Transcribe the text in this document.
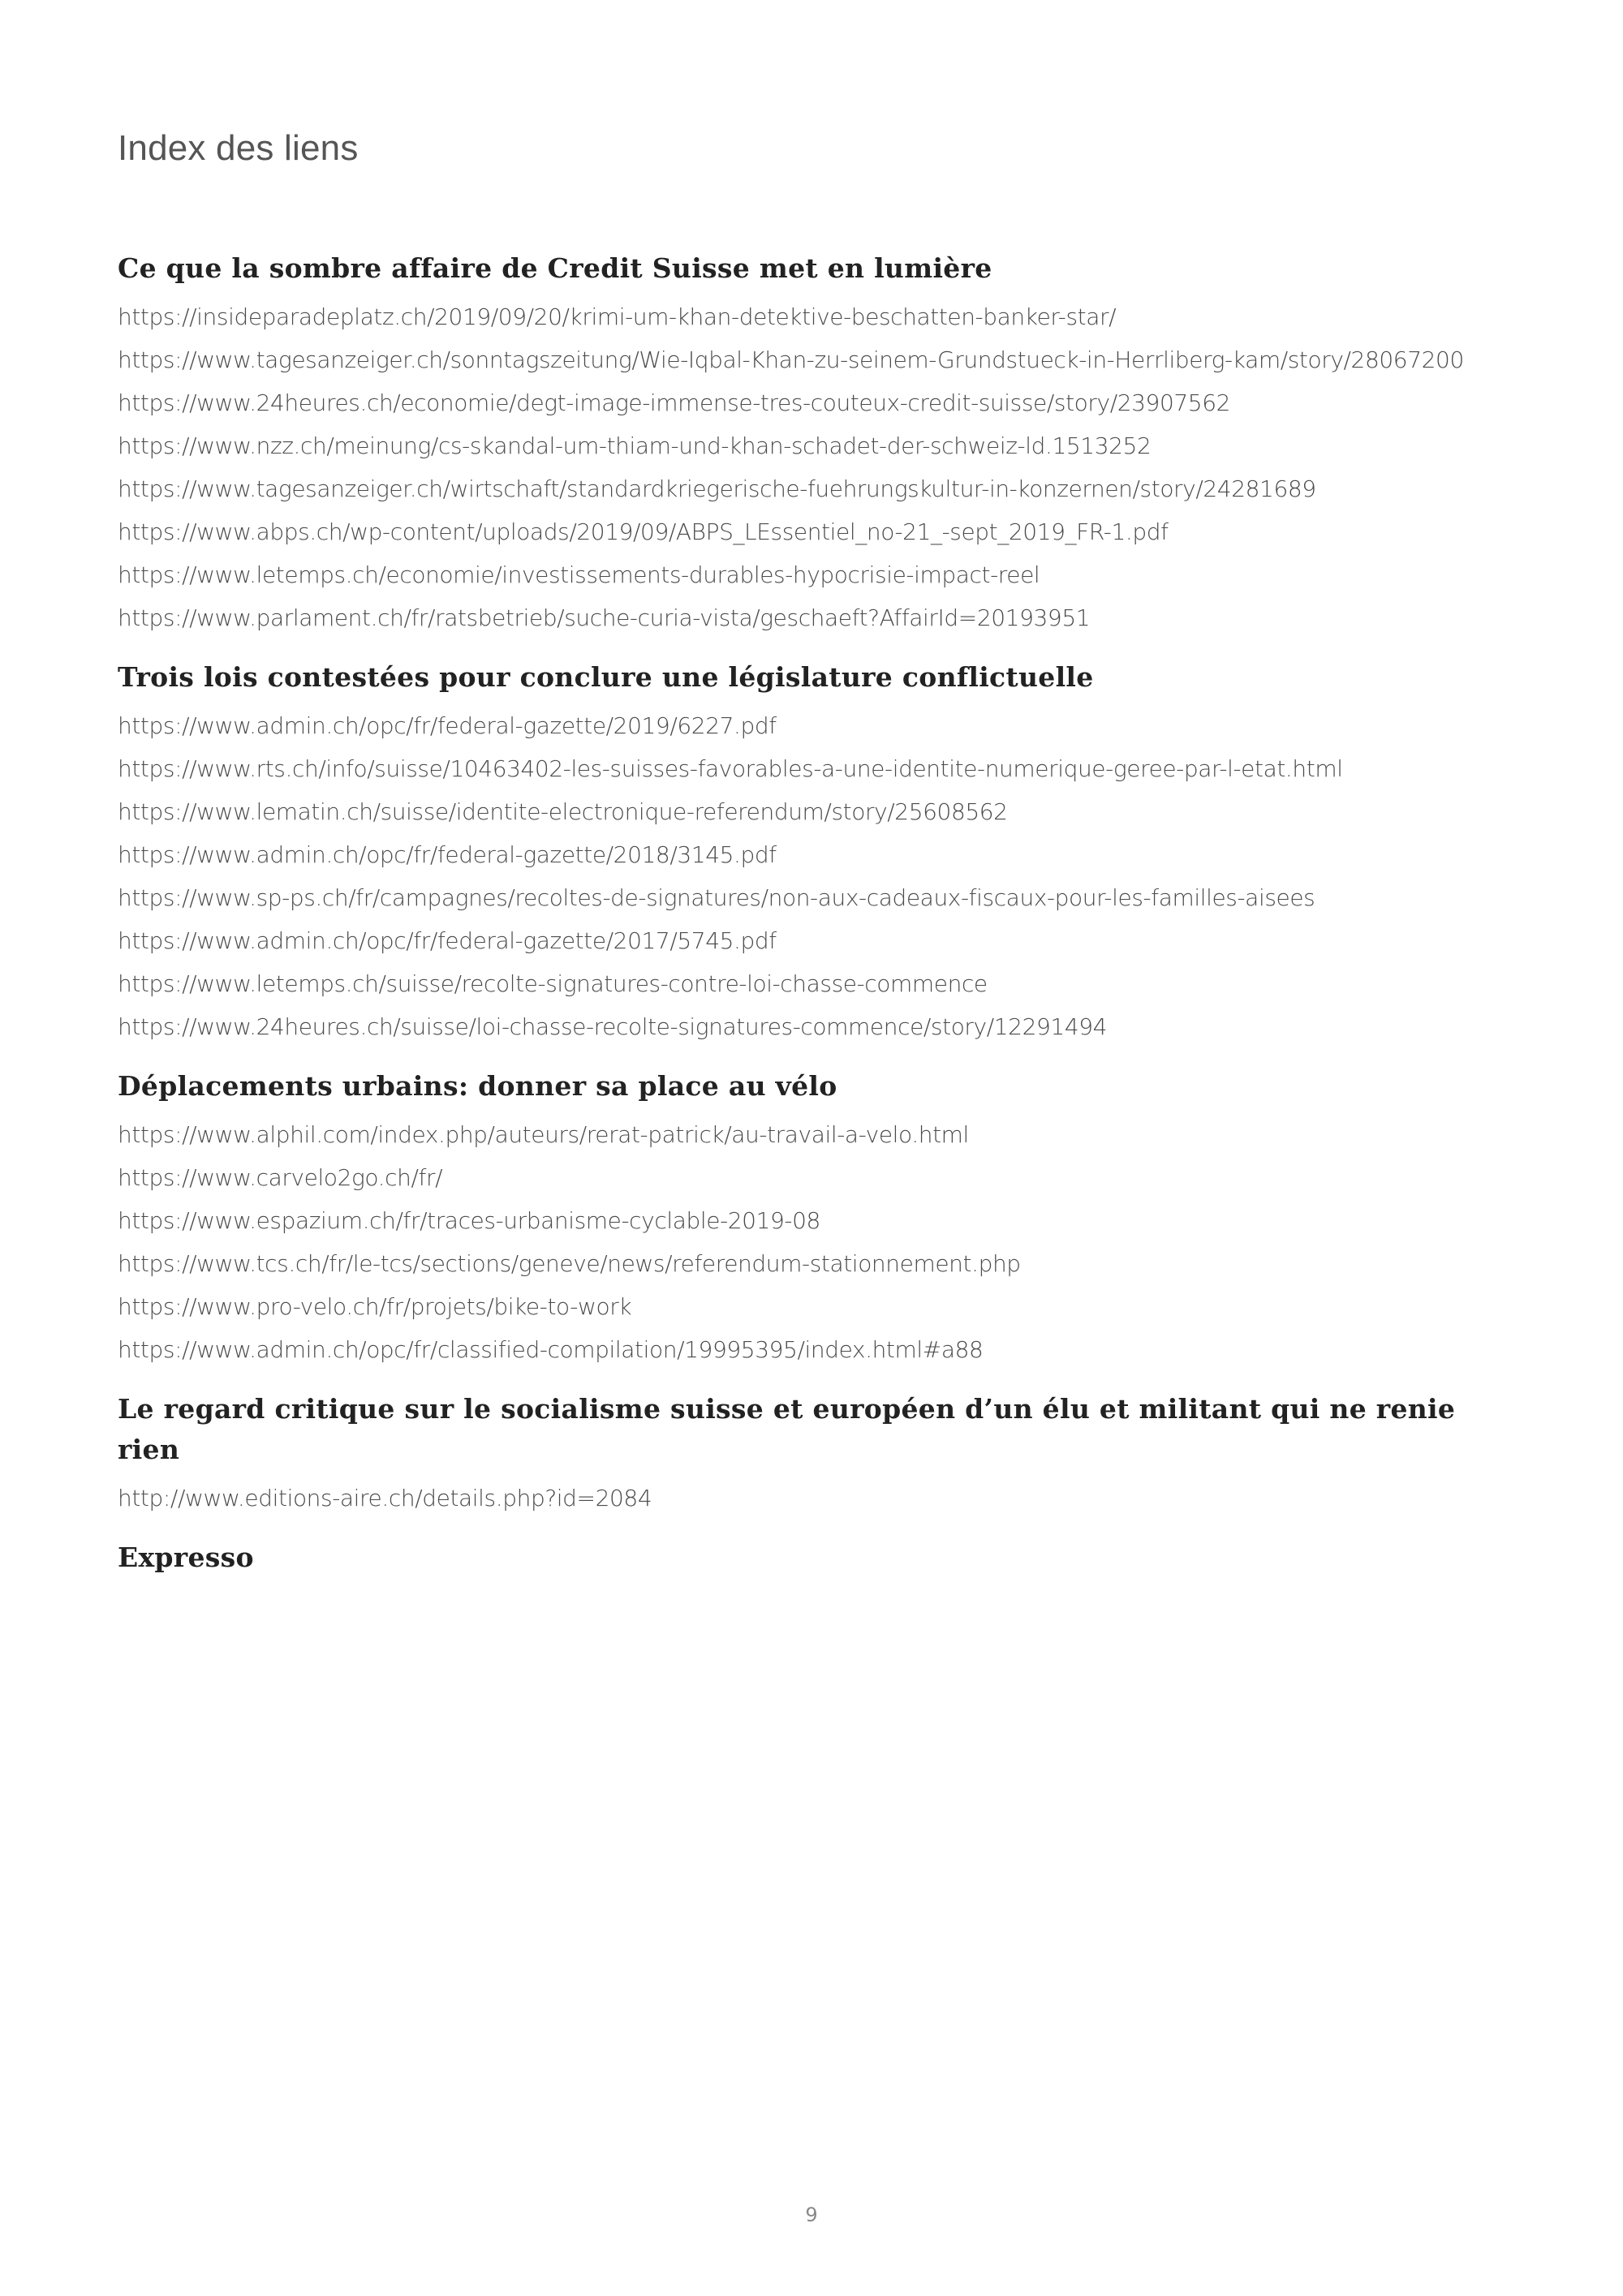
Index des liens
Ce que la sombre affaire de Credit Suisse met en lumière
https://insideparadeplatz.ch/2019/09/20/krimi-um-khan-detektive-beschatten-banker-star/
https://www.tagesanzeiger.ch/sonntagszeitung/Wie-Iqbal-Khan-zu-seinem-Grundstueck-in-Herrliberg-kam/story/28067200
https://www.24heures.ch/economie/degt-image-immense-tres-couteux-credit-suisse/story/23907562
https://www.nzz.ch/meinung/cs-skandal-um-thiam-und-khan-schadet-der-schweiz-ld.1513252
https://www.tagesanzeiger.ch/wirtschaft/standardkriegerische-fuehrungskultur-in-konzernen/story/24281689
https://www.abps.ch/wp-content/uploads/2019/09/ABPS_LEssentiel_no-21_-sept_2019_FR-1.pdf
https://www.letemps.ch/economie/investissements-durables-hypocrisie-impact-reel
https://www.parlament.ch/fr/ratsbetrieb/suche-curia-vista/geschaeft?AffairId=20193951
Trois lois contestées pour conclure une législature conflictuelle
https://www.admin.ch/opc/fr/federal-gazette/2019/6227.pdf
https://www.rts.ch/info/suisse/10463402-les-suisses-favorables-a-une-identite-numerique-geree-par-l-etat.html
https://www.lematin.ch/suisse/identite-electronique-referendum/story/25608562
https://www.admin.ch/opc/fr/federal-gazette/2018/3145.pdf
https://www.sp-ps.ch/fr/campagnes/recoltes-de-signatures/non-aux-cadeaux-fiscaux-pour-les-familles-aisees
https://www.admin.ch/opc/fr/federal-gazette/2017/5745.pdf
https://www.letemps.ch/suisse/recolte-signatures-contre-loi-chasse-commence
https://www.24heures.ch/suisse/loi-chasse-recolte-signatures-commence/story/12291494
Déplacements urbains: donner sa place au vélo
https://www.alphil.com/index.php/auteurs/rerat-patrick/au-travail-a-velo.html
https://www.carvelo2go.ch/fr/
https://www.espazium.ch/fr/traces-urbanisme-cyclable-2019-08
https://www.tcs.ch/fr/le-tcs/sections/geneve/news/referendum-stationnement.php
https://www.pro-velo.ch/fr/projets/bike-to-work
https://www.admin.ch/opc/fr/classified-compilation/19995395/index.html#a88
Le regard critique sur le socialisme suisse et européen d’un élu et militant qui ne renie rien
http://www.editions-aire.ch/details.php?id=2084
Expresso
9
